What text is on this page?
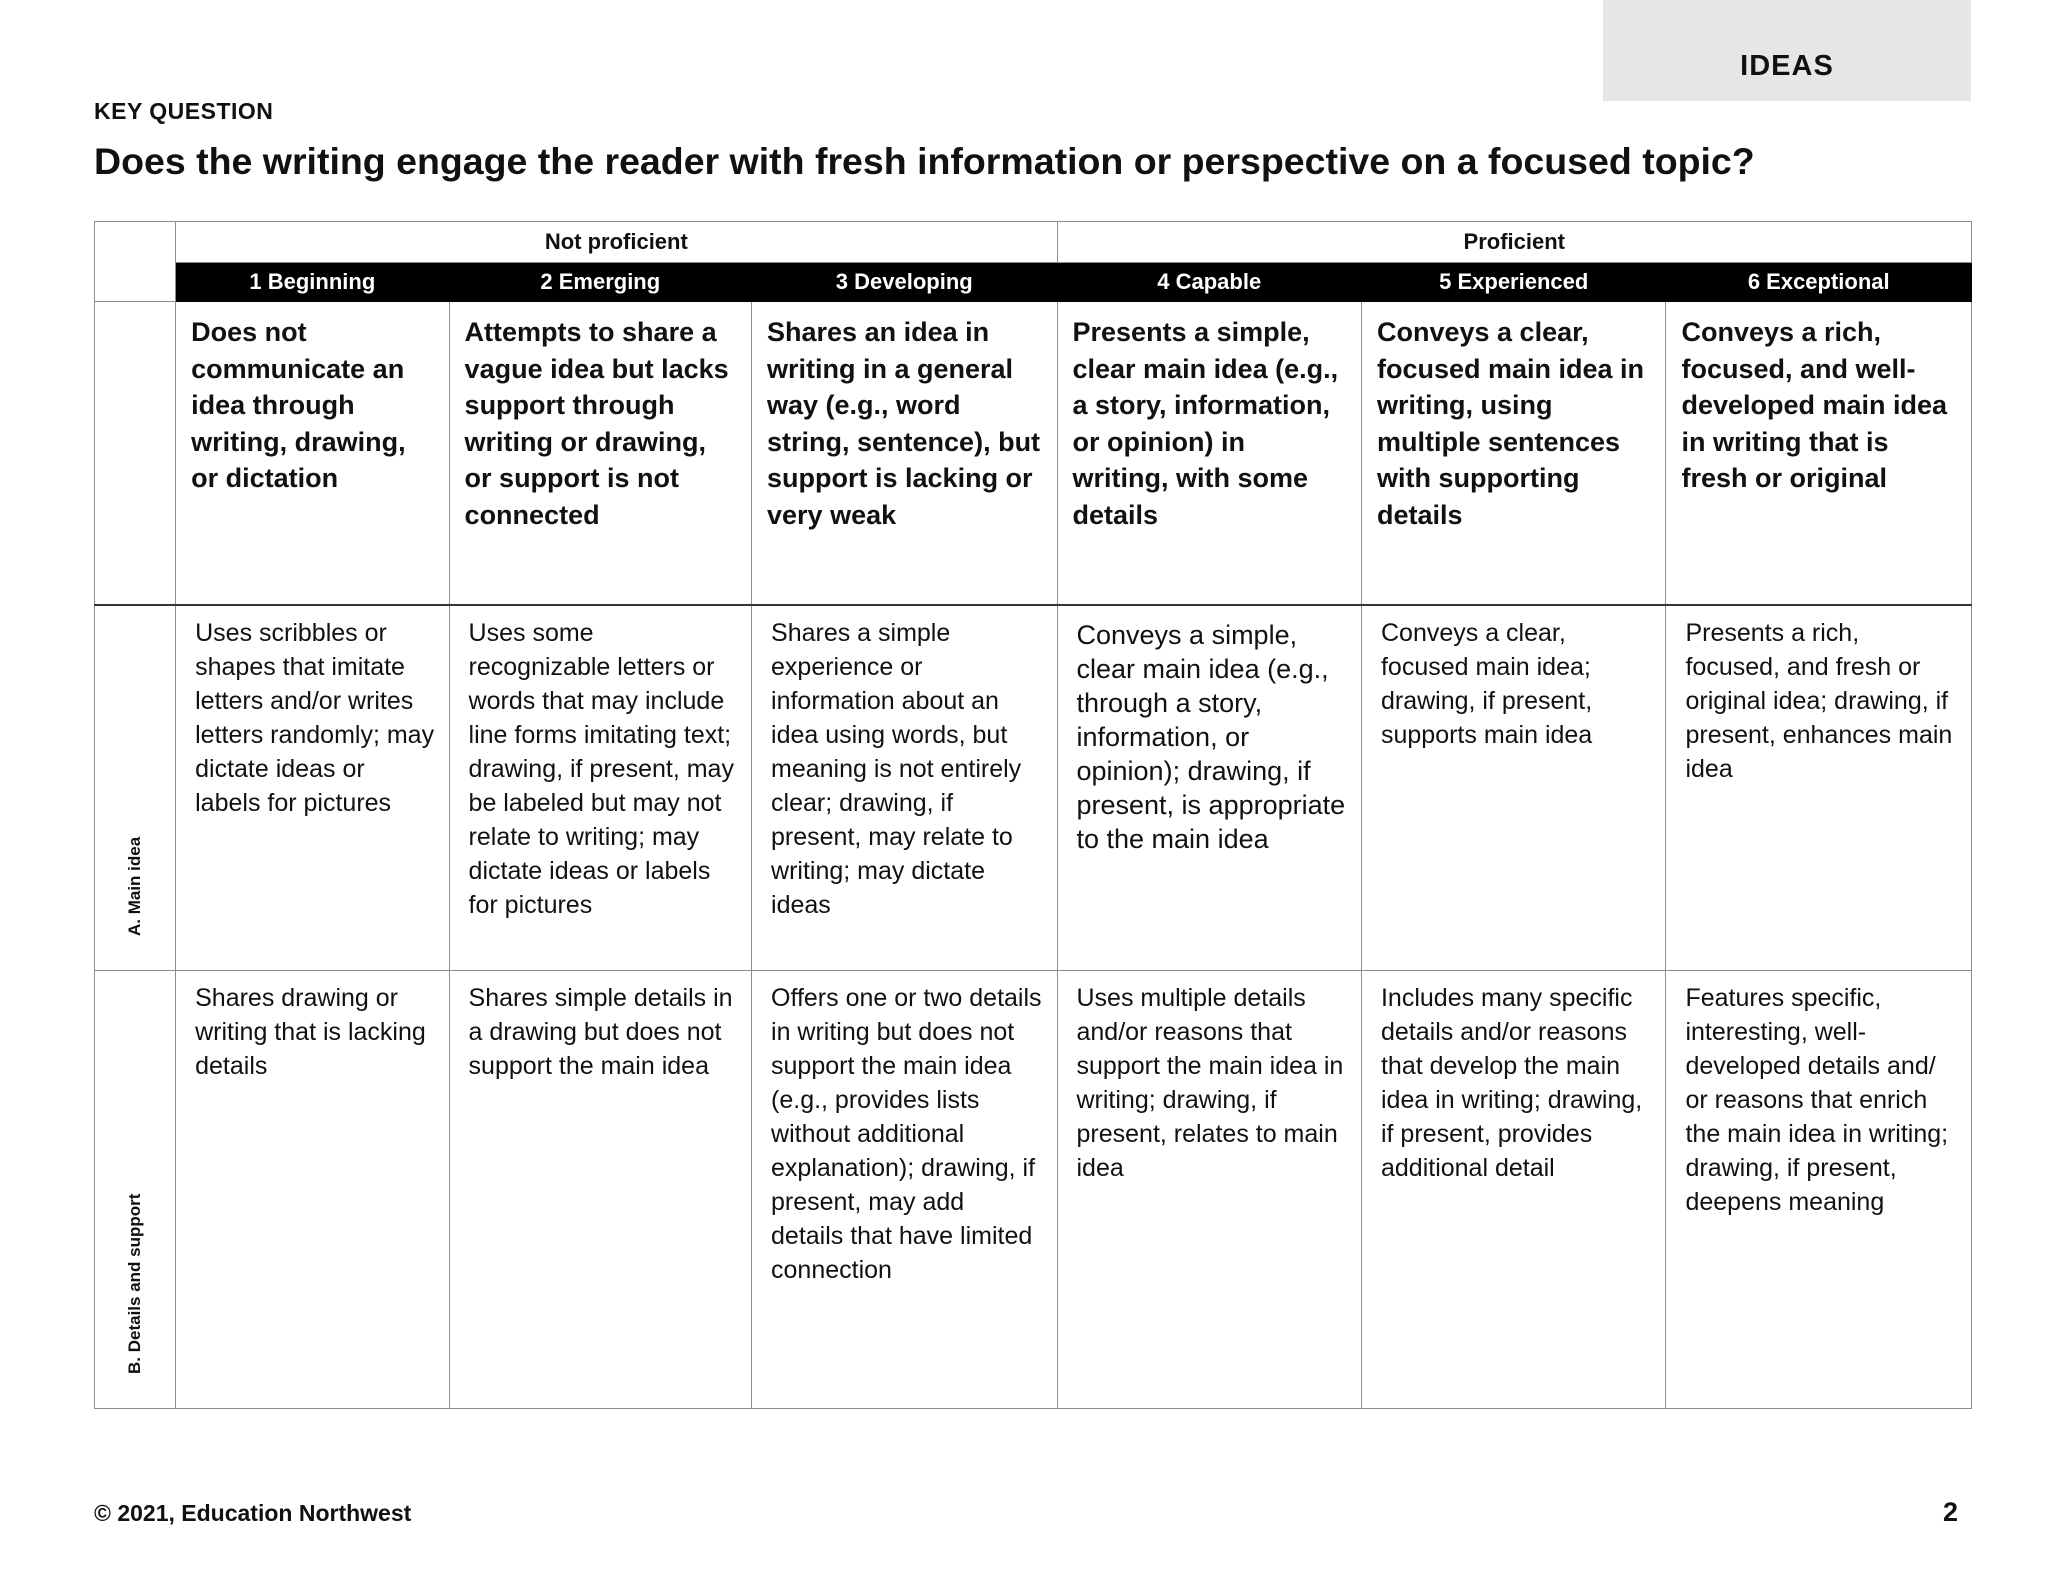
IDEAS
KEY QUESTION
Does the writing engage the reader with fresh information or perspective on a focused topic?
	Not proficient			Proficient		
	1 Beginning	2 Emerging	3 Developing	4 Capable	5 Experienced	6 Exceptional
	Does not communicate an idea through writing, drawing, or dictation	Attempts to share a vague idea but lacks support through writing or drawing, or support is not connected	Shares an idea in writing in a general way (e.g., word string, sentence), but support is lacking or very weak	Presents a simple, clear main idea (e.g., a story, information, or opinion) in writing, with some details	Conveys a clear, focused main idea in writing, using multiple sentences with supporting details	Conveys a rich, focused, and well-developed main idea in writing that is fresh or original

A. Main idea	Uses scribbles or shapes that imitate letters and/or writes letters randomly; may dictate ideas or labels for pictures	Uses some recognizable letters or words that may include line forms imitating text; drawing, if present, may be labeled but may not relate to writing; may dictate ideas or labels for pictures	Shares a simple experience or information about an idea using words, but meaning is not entirely clear; drawing, if present, may relate to writing; may dictate ideas	Conveys a simple, clear main idea (e.g., through a story, information, or opinion); drawing, if present, is appropriate to the main idea	Conveys a clear, focused main idea; drawing, if present, supports main idea	Presents a rich, focused, and fresh or original idea; drawing, if present, enhances main idea

B. Details and support	Shares drawing or writing that is lacking details	Shares simple details in a drawing but does not support the main idea	Offers one or two details in writing but does not support the main idea (e.g., provides lists without additional explanation); drawing, if present, may add details that have limited connection	Uses multiple details and/or reasons that support the main idea in writing; drawing, if present, relates to main idea	Includes many specific details and/or reasons that develop the main idea in writing; drawing, if present, provides additional detail	Features specific, interesting, well-developed details and/ or reasons that enrich the main idea in writing; drawing, if present, deepens meaning
© 2021, Education Northwest	2
